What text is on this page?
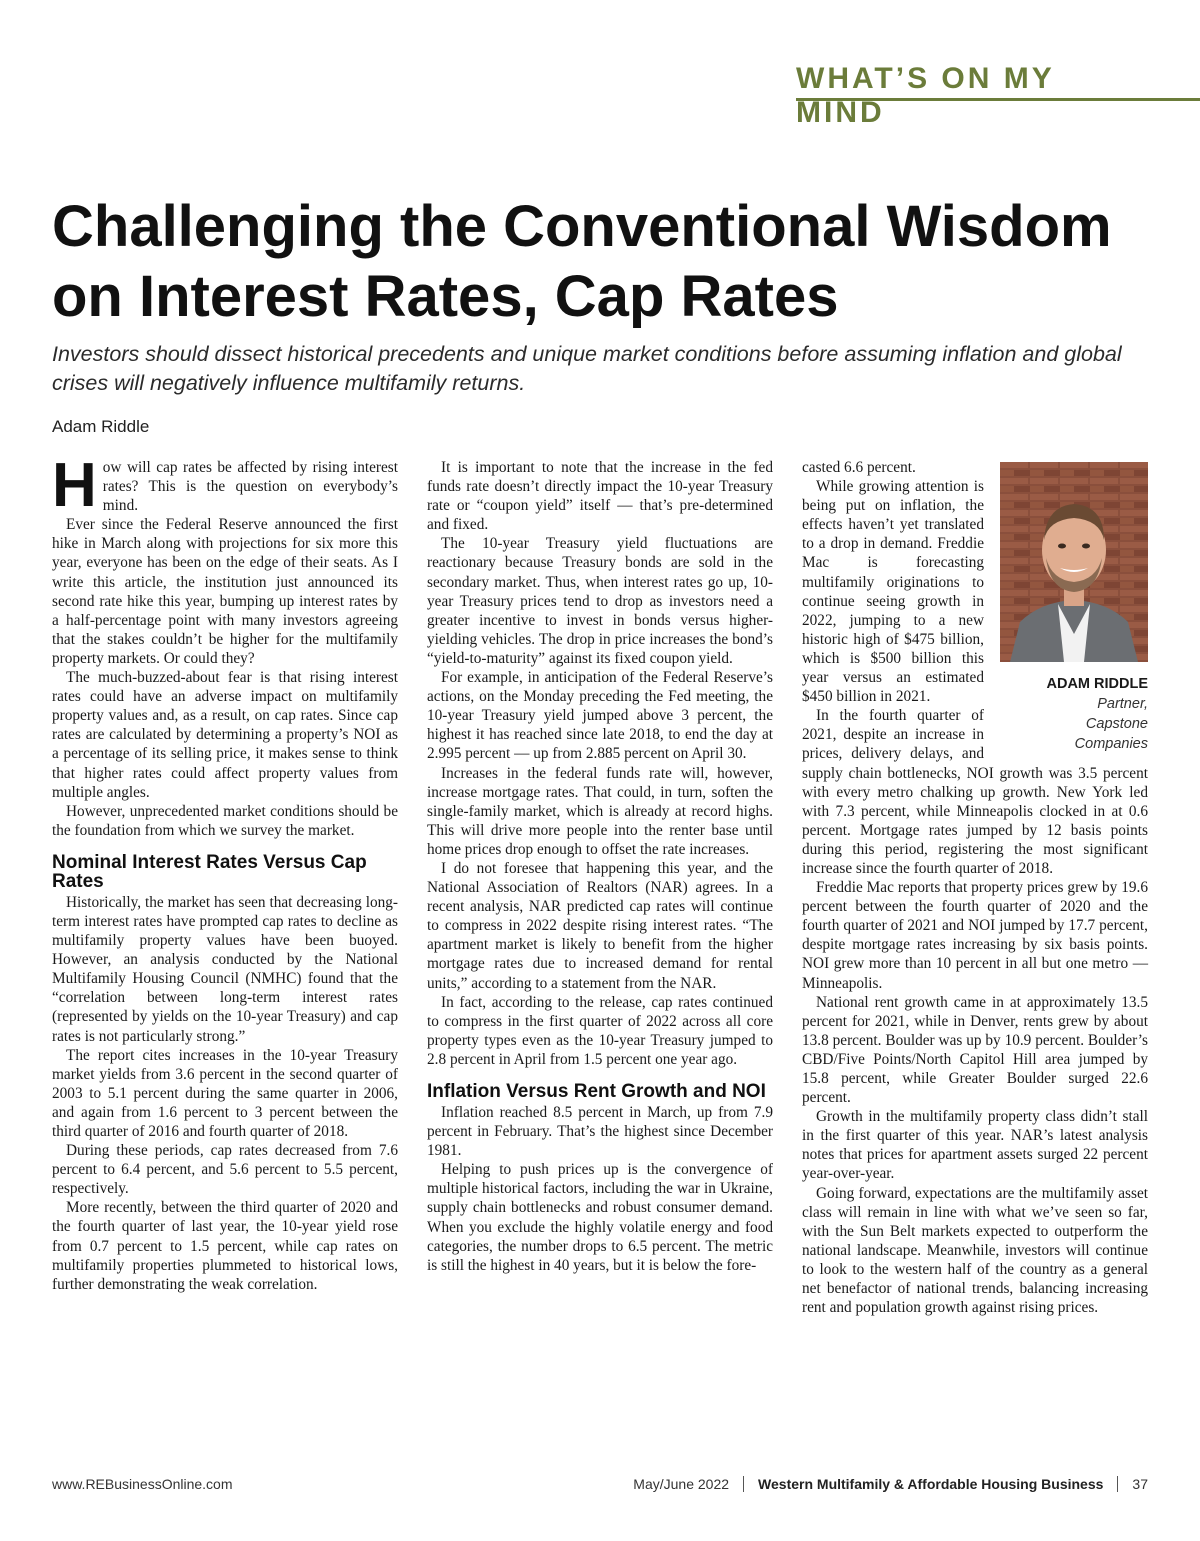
WHAT’S ON MY MIND
Challenging the Conventional Wisdom on Interest Rates, Cap Rates

Investors should dissect historical precedents and unique market conditions before assuming inflation and global crises will negatively influence multifamily returns.

Adam Riddle

How will cap rates be affected by rising interest rates? This is the question on everybody’s mind.

Ever since the Federal Reserve announced the first hike in March along with projections for six more this year, everyone has been on the edge of their seats. As I write this article, the institution just announced its second rate hike this year, bumping up interest rates by a half-percentage point with many investors agreeing that the stakes couldn’t be higher for the multifamily property markets. Or could they?

The much-buzzed-about fear is that rising interest rates could have an adverse impact on multifamily property values and, as a result, on cap rates. Since cap rates are calculated by determining a property’s NOI as a percentage of its selling price, it makes sense to think that higher rates could affect property values from multiple angles.

However, unprecedented market conditions should be the foundation from which we survey the market.

Nominal Interest Rates Versus Cap Rates

Historically, the market has seen that decreasing long-term interest rates have prompted cap rates to decline as multifamily property values have been buoyed. However, an analysis conducted by the National Multifamily Housing Council (NMHC) found that the “correlation between long-term interest rates (represented by yields on the 10-year Treasury) and cap rates is not particularly strong.”

The report cites increases in the 10-year Treasury market yields from 3.6 percent in the second quarter of 2003 to 5.1 percent during the same quarter in 2006, and again from 1.6 percent to 3 percent between the third quarter of 2016 and fourth quarter of 2018.

During these periods, cap rates decreased from 7.6 percent to 6.4 percent, and 5.6 percent to 5.5 percent, respectively.

More recently, between the third quarter of 2020 and the fourth quarter of last year, the 10-year yield rose from 0.7 percent to 1.5 percent, while cap rates on multifamily properties plummeted to historical lows, further demonstrating the weak correlation.

It is important to note that the increase in the fed funds rate doesn’t directly impact the 10-year Treasury rate or “coupon yield” itself — that’s pre-determined and fixed.

The 10-year Treasury yield fluctuations are reactionary because Treasury bonds are sold in the secondary market. Thus, when interest rates go up, 10-year Treasury prices tend to drop as investors need a greater incentive to invest in bonds versus higher-yielding vehicles. The drop in price increases the bond’s “yield-to-maturity” against its fixed coupon yield.

For example, in anticipation of the Federal Reserve’s actions, on the Monday preceding the Fed meeting, the 10-year Treasury yield jumped above 3 percent, the highest it has reached since late 2018, to end the day at 2.995 percent — up from 2.885 percent on April 30.

Increases in the federal funds rate will, however, increase mortgage rates. That could, in turn, soften the single-family market, which is already at record highs. This will drive more people into the renter base until home prices drop enough to offset the rate increases.

I do not foresee that happening this year, and the National Association of Realtors (NAR) agrees. In a recent analysis, NAR predicted cap rates will continue to compress in 2022 despite rising interest rates. “The apartment market is likely to benefit from the higher mortgage rates due to increased demand for rental units,” according to a statement from the NAR.

In fact, according to the release, cap rates continued to compress in the first quarter of 2022 across all core property types even as the 10-year Treasury jumped to 2.8 percent in April from 1.5 percent one year ago.

Inflation Versus Rent Growth and NOI

Inflation reached 8.5 percent in March, up from 7.9 percent in February. That’s the highest since December 1981.

Helping to push prices up is the convergence of multiple historical factors, including the war in Ukraine, supply chain bottlenecks and robust consumer demand. When you exclude the highly volatile energy and food categories, the number drops to 6.5 percent. The metric is still the highest in 40 years, but it is below the fore-

ADAM RIDDLE
Partner,
Capstone
Companies

casted 6.6 percent.

While growing attention is being put on inflation, the effects haven’t yet translated to a drop in demand. Freddie Mac is forecasting multifamily originations to continue seeing growth in 2022, jumping to a new historic high of $475 billion, which is $500 billion this year versus an estimated $450 billion in 2021.

In the fourth quarter of 2021, despite an increase in prices, delivery delays, and supply chain bottlenecks, NOI growth was 3.5 percent with every metro chalking up growth. New York led with 7.3 percent, while Minneapolis clocked in at 0.6 percent. Mortgage rates jumped by 12 basis points during this period, registering the most significant increase since the fourth quarter of 2018.

Freddie Mac reports that property prices grew by 19.6 percent between the fourth quarter of 2020 and the fourth quarter of 2021 and NOI jumped by 17.7 percent, despite mortgage rates increasing by six basis points. NOI grew more than 10 percent in all but one metro — Minneapolis.

National rent growth came in at approximately 13.5 percent for 2021, while in Denver, rents grew by about 13.8 percent. Boulder was up by 10.9 percent. Boulder’s CBD/Five Points/North Capitol Hill area jumped by 15.8 percent, while Greater Boulder surged 22.6 percent.

Growth in the multifamily property class didn’t stall in the first quarter of this year. NAR’s latest analysis notes that prices for apartment assets surged 22 percent year-over-year.

Going forward, expectations are the multifamily asset class will remain in line with what we’ve seen so far, with the Sun Belt markets expected to outperform the national landscape. Meanwhile, investors will continue to look to the western half of the country as a general net benefactor of national trends, balancing increasing rent and population growth against rising prices.

www.REBusinessOnline.com	May/June 2022 Western Multifamily & Affordable Housing Business 37
